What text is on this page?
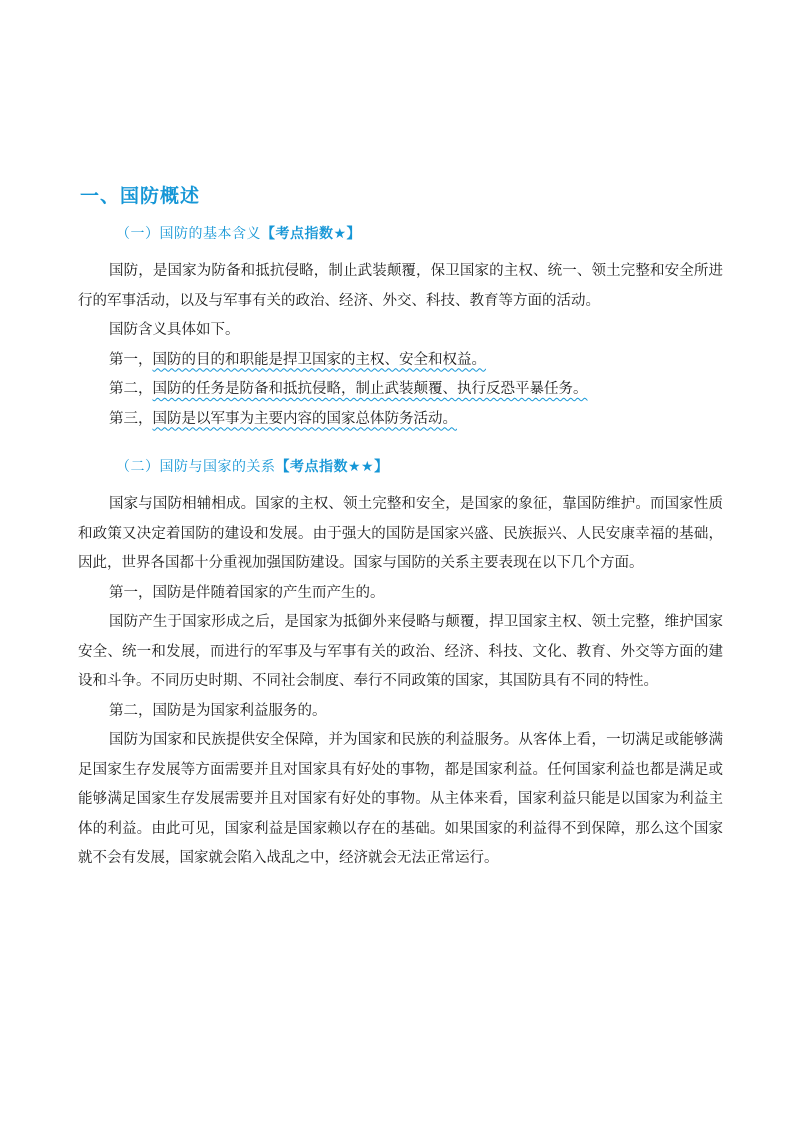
一、国防概述
（一）国防的基本含义【考点指数★】

国防，是国家为防备和抵抗侵略，制止武装颠覆，保卫国家的主权、统一、领土完整和安全所进行的军事活动，以及与军事有关的政治、经济、外交、科技、教育等方面的活动。

国防含义具体如下。

第一，国防的目的和职能是捍卫国家的主权、安全和权益。

第二，国防的任务是防备和抵抗侵略，制止武装颠覆、执行反恐平暴任务。

第三，国防是以军事为主要内容的国家总体防务活动。

（二）国防与国家的关系【考点指数★★】

国家与国防相辅相成。国家的主权、领土完整和安全，是国家的象征，靠国防维护。而国家性质和政策又决定着国防的建设和发展。由于强大的国防是国家兴盛、民族振兴、人民安康幸福的基础，因此，世界各国都十分重视加强国防建设。国家与国防的关系主要表现在以下几个方面。

第一，国防是伴随着国家的产生而产生的。

国防产生于国家形成之后，是国家为抵御外来侵略与颠覆，捍卫国家主权、领土完整，维护国家安全、统一和发展，而进行的军事及与军事有关的政治、经济、科技、文化、教育、外交等方面的建设和斗争。不同历史时期、不同社会制度、奉行不同政策的国家，其国防具有不同的特性。

第二，国防是为国家利益服务的。

国防为国家和民族提供安全保障，并为国家和民族的利益服务。从客体上看，一切满足或能够满足国家生存发展等方面需要并且对国家具有好处的事物，都是国家利益。任何国家利益也都是满足或能够满足国家生存发展需要并且对国家有好处的事物。从主体来看，国家利益只能是以国家为利益主体的利益。由此可见，国家利益是国家赖以存在的基础。如果国家的利益得不到保障，那么这个国家就不会有发展，国家就会陷入战乱之中，经济就会无法正常运行。
